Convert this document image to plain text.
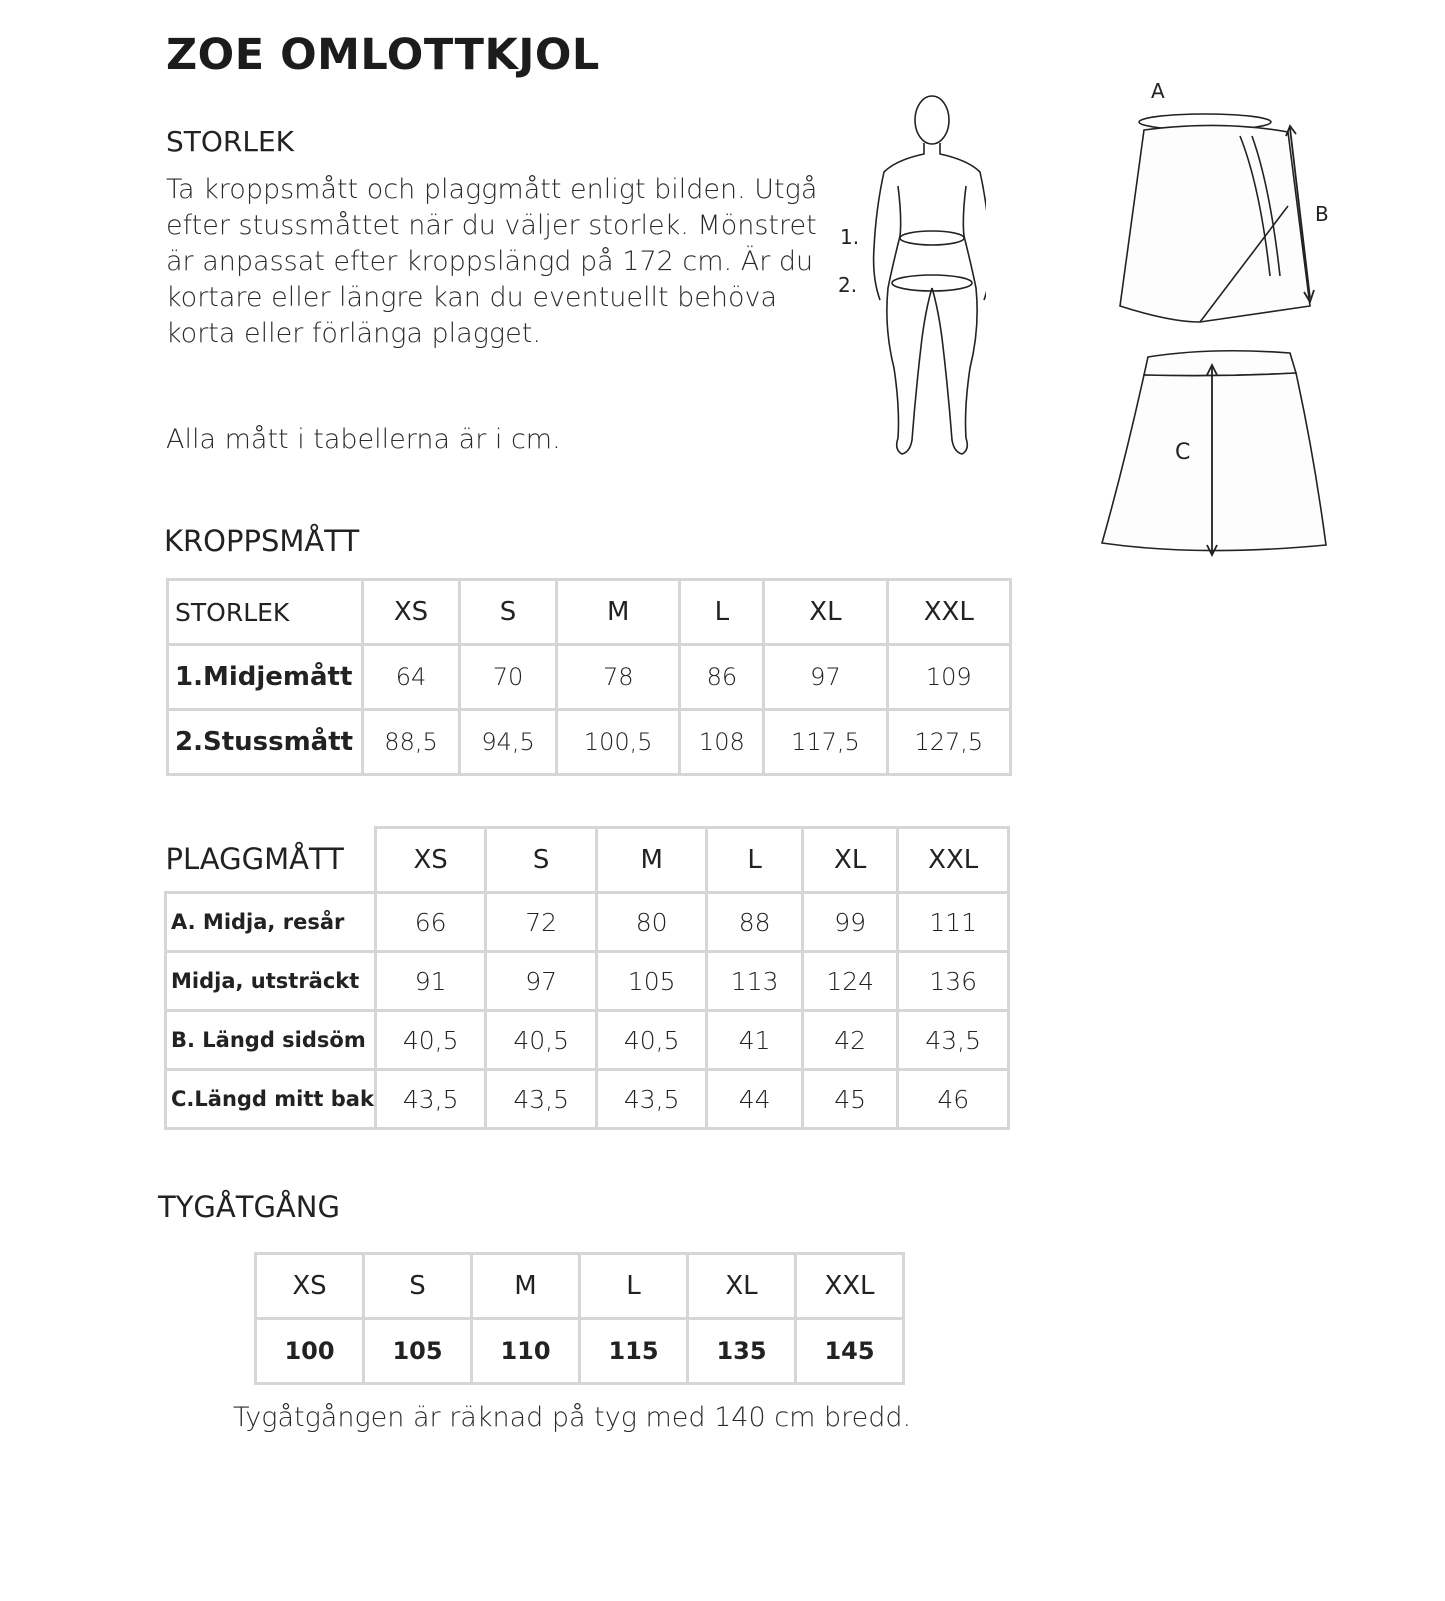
ZOE OMLOTTKJOL
STORLEK

Ta kroppsmått och plaggmått enligt bilden. Utgå efter stussmåttet när du väljer storlek. Mönstret är anpassat efter kroppslängd på 172 cm. Är du kortare eller längre kan du eventuellt behöva korta eller förlänga plagget.

Alla mått i tabellerna är i cm.
1.
2.
A
B
C
KROPPSMÅTT
STORLEK	XS	S	M	L	XL	XXL
1.Midjemått	64	70	78	86	97	109
2.Stussmått	88,5	94,5	100,5	108	117,5	127,5
PLAGGMÅTT	XS	S	M	L	XL	XXL
A. Midja, resår	66	72	80	88	99	111
Midja, utsträckt	91	97	105	113	124	136
B. Längd sidsöm	40,5	40,5	40,5	41	42	43,5
C.Längd mitt bak	43,5	43,5	43,5	44	45	46
TYGÅTGÅNG
XS	S	M	L	XL	XXL
100	105	110	115	135	145
Tygåtgången är räknad på tyg med 140 cm bredd.
